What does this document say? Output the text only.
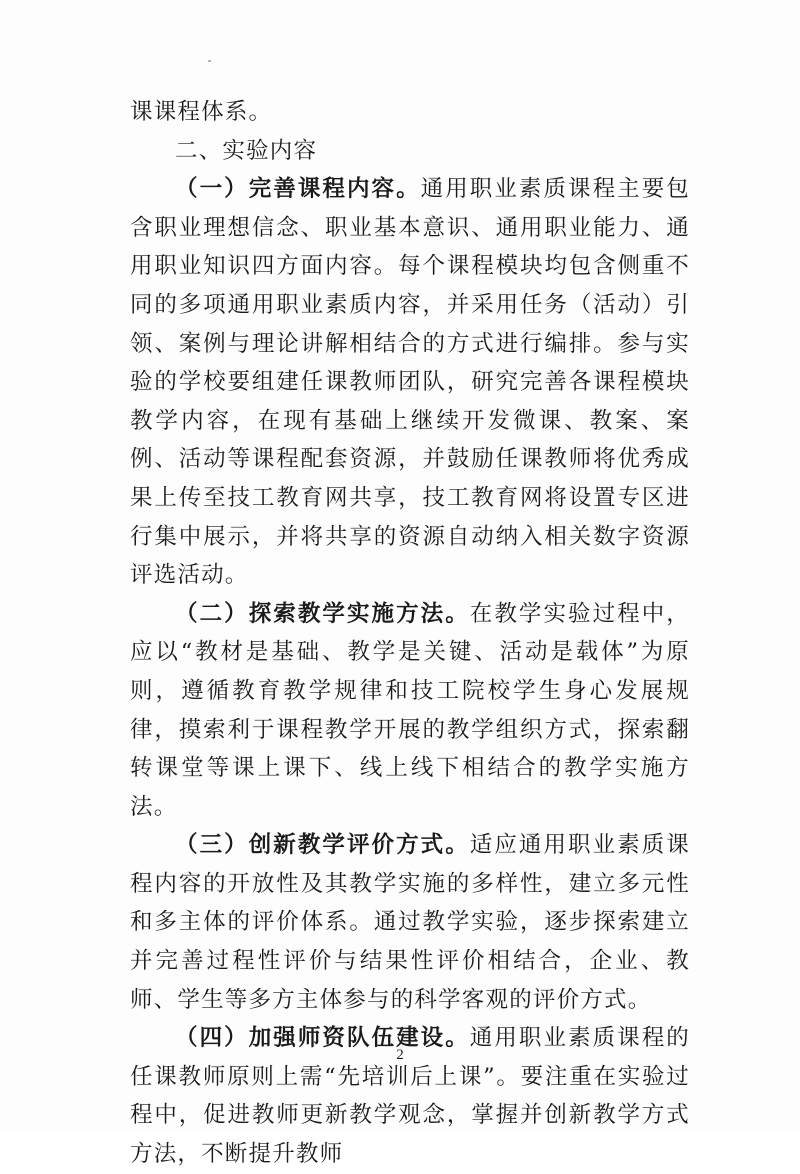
课课程体系。

二、实验内容

（一）完善课程内容。通用职业素质课程主要包含职业理想信念、职业基本意识、通用职业能力、通用职业知识四方面内容。每个课程模块均包含侧重不同的多项通用职业素质内容，并采用任务（活动）引领、案例与理论讲解相结合的方式进行编排。参与实验的学校要组建任课教师团队，研究完善各课程模块教学内容，在现有基础上继续开发微课、教案、案例、活动等课程配套资源，并鼓励任课教师将优秀成果上传至技工教育网共享，技工教育网将设置专区进行集中展示，并将共享的资源自动纳入相关数字资源评选活动。

（二）探索教学实施方法。在教学实验过程中，应以“教材是基础、教学是关键、活动是载体”为原则，遵循教育教学规律和技工院校学生身心发展规律，摸索利于课程教学开展的教学组织方式，探索翻转课堂等课上课下、线上线下相结合的教学实施方法。

（三）创新教学评价方式。适应通用职业素质课程内容的开放性及其教学实施的多样性，建立多元性和多主体的评价体系。通过教学实验，逐步探索建立并完善过程性评价与结果性评价相结合，企业、教师、学生等多方主体参与的科学客观的评价方式。

（四）加强师资队伍建设。通用职业素质课程的任课教师原则上需“先培训后上课”。要注重在实验过程中，促进教师更新教学观念，掌握并创新教学方式方法，不断提升教师

2
